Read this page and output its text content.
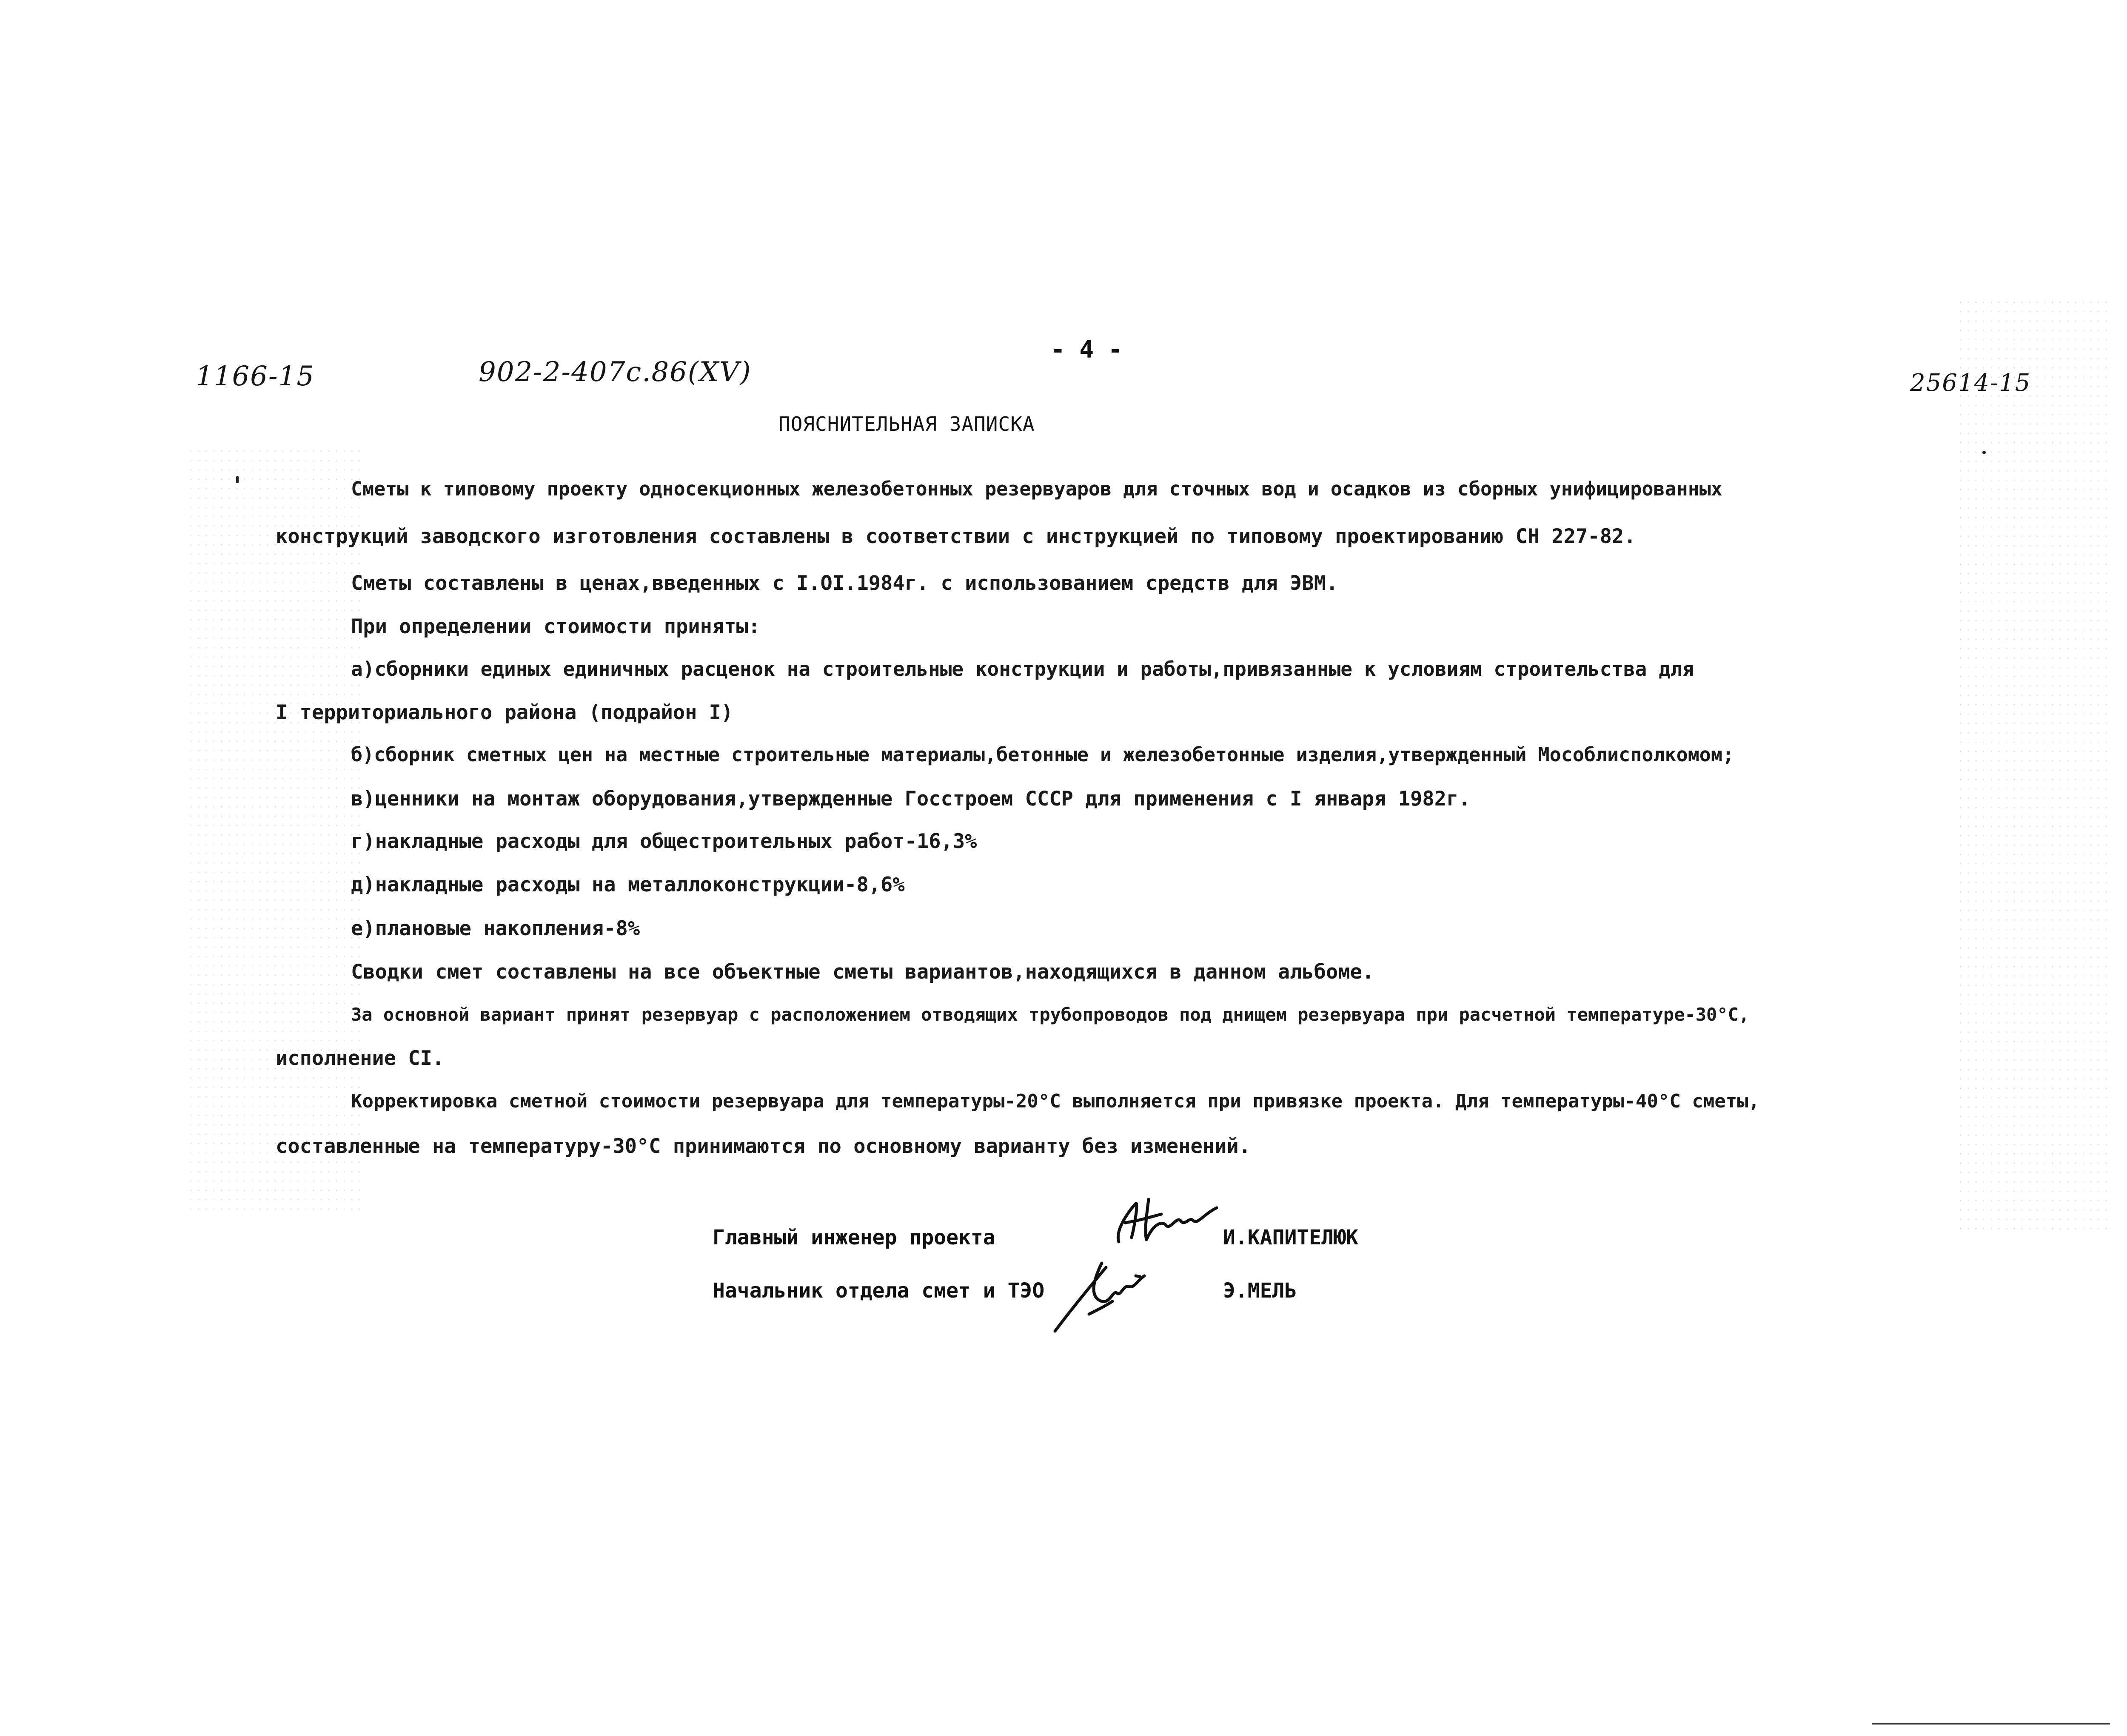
1166-15	902-2-407с.86(XV)
- 4 -
25614-15
ПОЯСНИТЕЛЬНАЯ ЗАПИСКА
Сметы к типовому проекту односекционных железобетонных резервуаров для сточных вод и осадков из сборных унифицированных
конструкций заводского изготовления составлены в соответствии с инструкцией по типовому проектированию СН 227-82.
Сметы составлены в ценах,введенных с I.OI.1984г. с использованием средств для ЭВМ.
При определении стоимости приняты:
а)сборники единых единичных расценок на строительные конструкции и работы,привязанные к условиям строительства для
I территориального района (подрайон I)
б)сборник сметных цен на местные строительные материалы,бетонные и железобетонные изделия,утвержденный Мособлисполкомом;
в)ценники на монтаж оборудования,утвержденные Госстроем СССР для применения с I января 1982г.
г)накладные расходы для общестроительных работ-16,3%
д)накладные расходы на металлоконструкции-8,6%
е)плановые накопления-8%
Сводки смет составлены на все объектные сметы вариантов,находящихся в данном альбоме.
За основной вариант принят резервуар с расположением отводящих трубопроводов под днищем резервуара при расчетной температуре-30°С,
исполнение СI.
Корректировка сметной стоимости резервуара для температуры-20°С выполняется при привязке проекта. Для температуры-40°С сметы,
составленные на температуру-30°С принимаются по основному варианту без изменений.
Главный инженер проекта	И.КАПИТЕЛЮК
Начальник отдела смет и ТЭО	Э.МЕЛЬ
